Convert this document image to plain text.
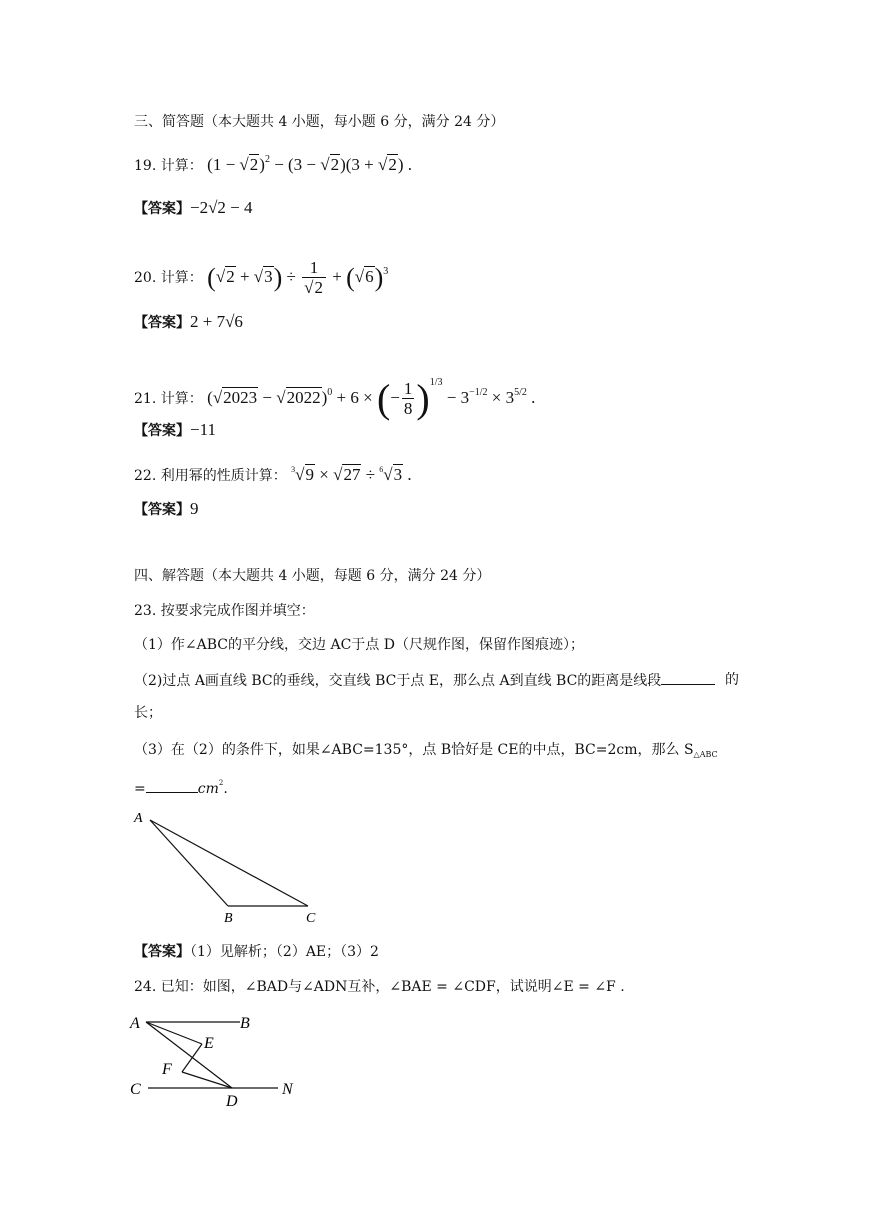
三、简答题（本大题共 4 小题，每小题 6 分，满分 24 分）
19. 计算： $(1 - √2)^2 - (3 - √2)(3 + √2)$ .
【答案】−2√2 − 4
20. 计算： $(√2 + √3) \div \frac{1}{√2} + (√6)^3$
【答案】2 + 7√6
21. 计算： $(√2023 - √2022)^0 + 6$ × (− $\frac{1}{8} )^{1/3} - 3^{-1/2} \times 3^{5/2}$ .
【答案】−11
22. 利用幂的性质计算： $^3$√9 × √27 ÷ $^6$√3 .
【答案】9
四、解答题（本大题共 4 小题，每题 6 分，满分 24 分）
23. 按要求完成作图并填空：
（1）作∠ABC的平分线，交边 AC于点 D（尺规作图，保留作图痕迹）；
（2)过点 A画直线 BC的垂线，交直线 BC于点 E，那么点 A到直线 BC的距离是线段	的
长；
（3）在（2）的条件下，如果∠ABC=135°，点 B恰好是 CE的中点，BC=2cm，那么 $S_{\triangle ABC}$
=	$cm^2$.
A
B	C
【答案】（1）见解析；（2）AE；（3）2
24. 已知：如图，∠BAD与∠ADN互补，∠BAE = ∠CDF，试说明∠E = ∠F .
A	B
E
F
C
D
N
